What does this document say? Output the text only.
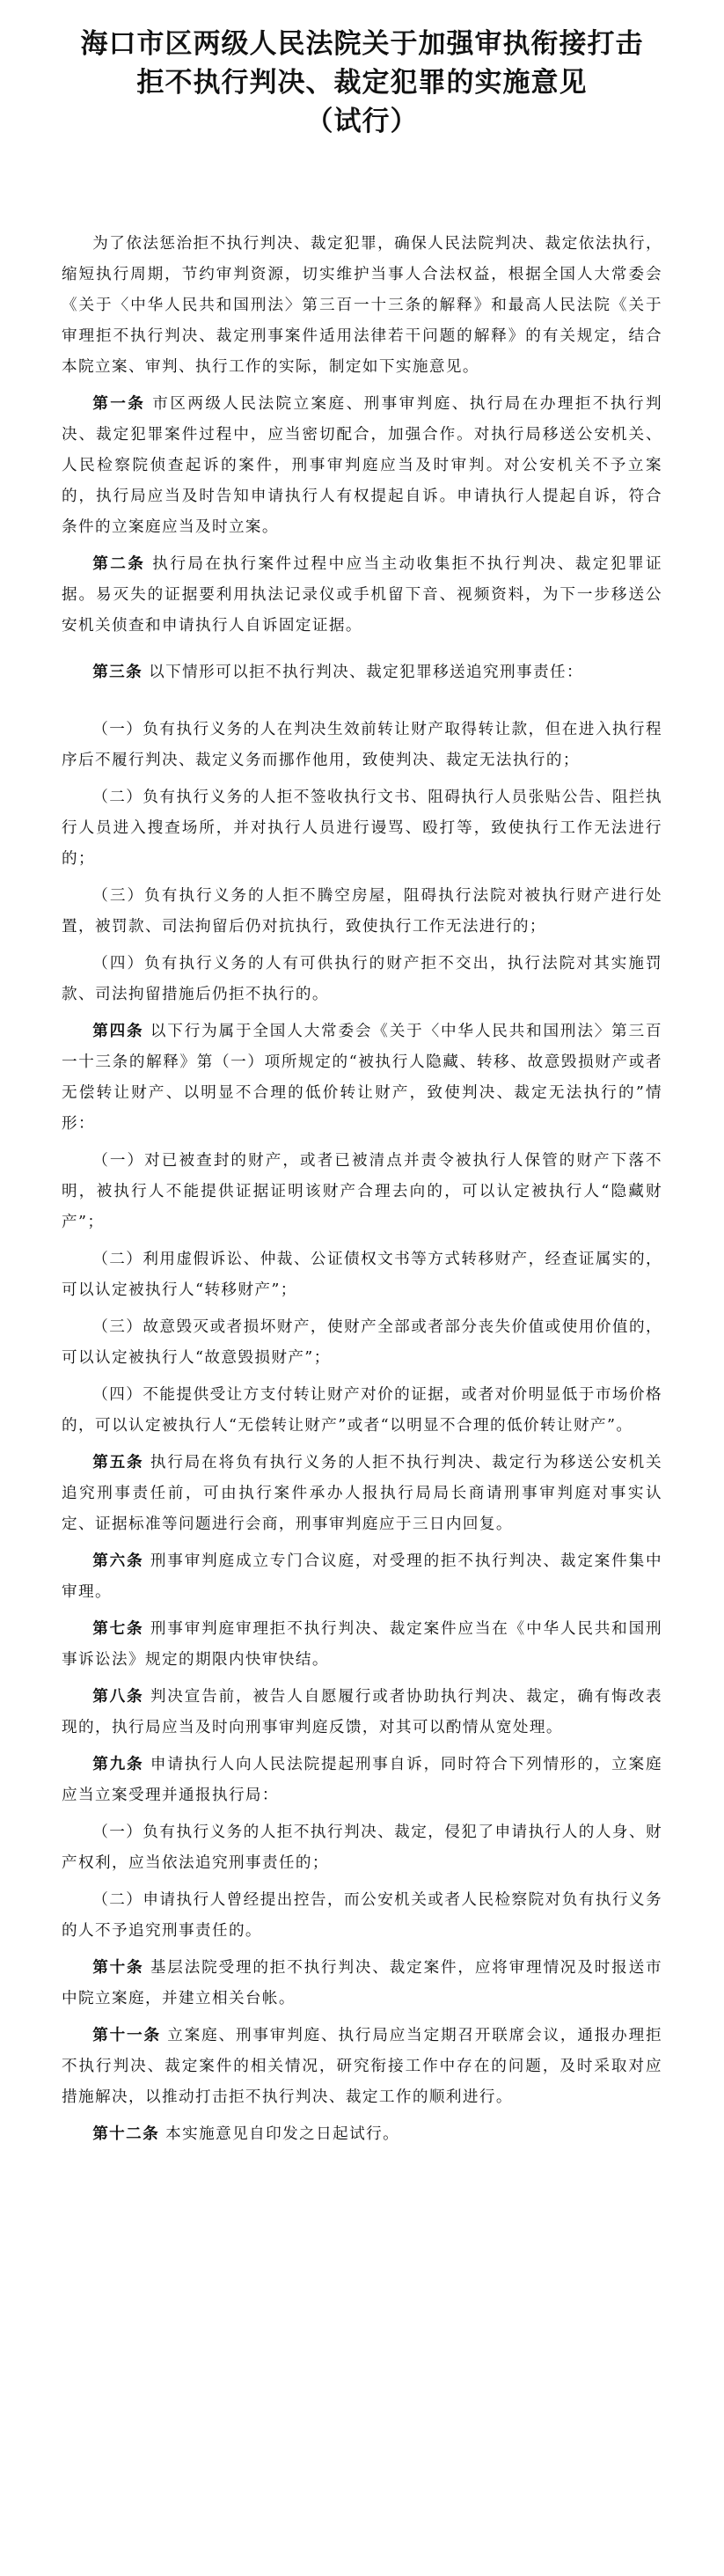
海口市区两级人民法院关于加强审执衔接打击
拒不执行判决、裁定犯罪的实施意见
（试行）

为了依法惩治拒不执行判决、裁定犯罪，确保人民法院判决、裁定依法执行，缩短执行周期，节约审判资源，切实维护当事人合法权益，根据全国人大常委会《关于〈中华人民共和国刑法〉第三百一十三条的解释》和最高人民法院《关于审理拒不执行判决、裁定刑事案件适用法律若干问题的解释》的有关规定，结合本院立案、审判、执行工作的实际，制定如下实施意见。

第一条 市区两级人民法院立案庭、刑事审判庭、执行局在办理拒不执行判决、裁定犯罪案件过程中，应当密切配合，加强合作。对执行局移送公安机关、人民检察院侦查起诉的案件，刑事审判庭应当及时审判。对公安机关不予立案的，执行局应当及时告知申请执行人有权提起自诉。申请执行人提起自诉，符合条件的立案庭应当及时立案。

第二条 执行局在执行案件过程中应当主动收集拒不执行判决、裁定犯罪证据。易灭失的证据要利用执法记录仪或手机留下音、视频资料，为下一步移送公安机关侦查和申请执行人自诉固定证据。

第三条 以下情形可以拒不执行判决、裁定犯罪移送追究刑事责任：

（一）负有执行义务的人在判决生效前转让财产取得转让款，但在进入执行程序后不履行判决、裁定义务而挪作他用，致使判决、裁定无法执行的；

（二）负有执行义务的人拒不签收执行文书、阻碍执行人员张贴公告、阻拦执行人员进入搜查场所，并对执行人员进行谩骂、殴打等，致使执行工作无法进行的；

（三）负有执行义务的人拒不腾空房屋，阻碍执行法院对被执行财产进行处置，被罚款、司法拘留后仍对抗执行，致使执行工作无法进行的；

（四）负有执行义务的人有可供执行的财产拒不交出，执行法院对其实施罚款、司法拘留措施后仍拒不执行的。

第四条 以下行为属于全国人大常委会《关于〈中华人民共和国刑法〉第三百一十三条的解释》第（一）项所规定的“被执行人隐藏、转移、故意毁损财产或者无偿转让财产、以明显不合理的低价转让财产，致使判决、裁定无法执行的”情形：

（一）对已被查封的财产，或者已被清点并责令被执行人保管的财产下落不明，被执行人不能提供证据证明该财产合理去向的，可以认定被执行人“隐藏财产”；

（二）利用虚假诉讼、仲裁、公证债权文书等方式转移财产，经查证属实的，可以认定被执行人“转移财产”；

（三）故意毁灭或者损坏财产，使财产全部或者部分丧失价值或使用价值的，可以认定被执行人“故意毁损财产”；

（四）不能提供受让方支付转让财产对价的证据，或者对价明显低于市场价格的，可以认定被执行人“无偿转让财产”或者“以明显不合理的低价转让财产”。

第五条 执行局在将负有执行义务的人拒不执行判决、裁定行为移送公安机关追究刑事责任前，可由执行案件承办人报执行局局长商请刑事审判庭对事实认定、证据标准等问题进行会商，刑事审判庭应于三日内回复。

第六条 刑事审判庭成立专门合议庭，对受理的拒不执行判决、裁定案件集中审理。

第七条 刑事审判庭审理拒不执行判决、裁定案件应当在《中华人民共和国刑事诉讼法》规定的期限内快审快结。

第八条 判决宣告前，被告人自愿履行或者协助执行判决、裁定，确有悔改表现的，执行局应当及时向刑事审判庭反馈，对其可以酌情从宽处理。

第九条 申请执行人向人民法院提起刑事自诉，同时符合下列情形的，立案庭应当立案受理并通报执行局：

（一）负有执行义务的人拒不执行判决、裁定，侵犯了申请执行人的人身、财产权利，应当依法追究刑事责任的；

（二）申请执行人曾经提出控告，而公安机关或者人民检察院对负有执行义务的人不予追究刑事责任的。

第十条 基层法院受理的拒不执行判决、裁定案件，应将审理情况及时报送市中院立案庭，并建立相关台帐。

第十一条 立案庭、刑事审判庭、执行局应当定期召开联席会议，通报办理拒不执行判决、裁定案件的相关情况，研究衔接工作中存在的问题，及时采取对应措施解决，以推动打击拒不执行判决、裁定工作的顺利进行。

第十二条 本实施意见自印发之日起试行。
